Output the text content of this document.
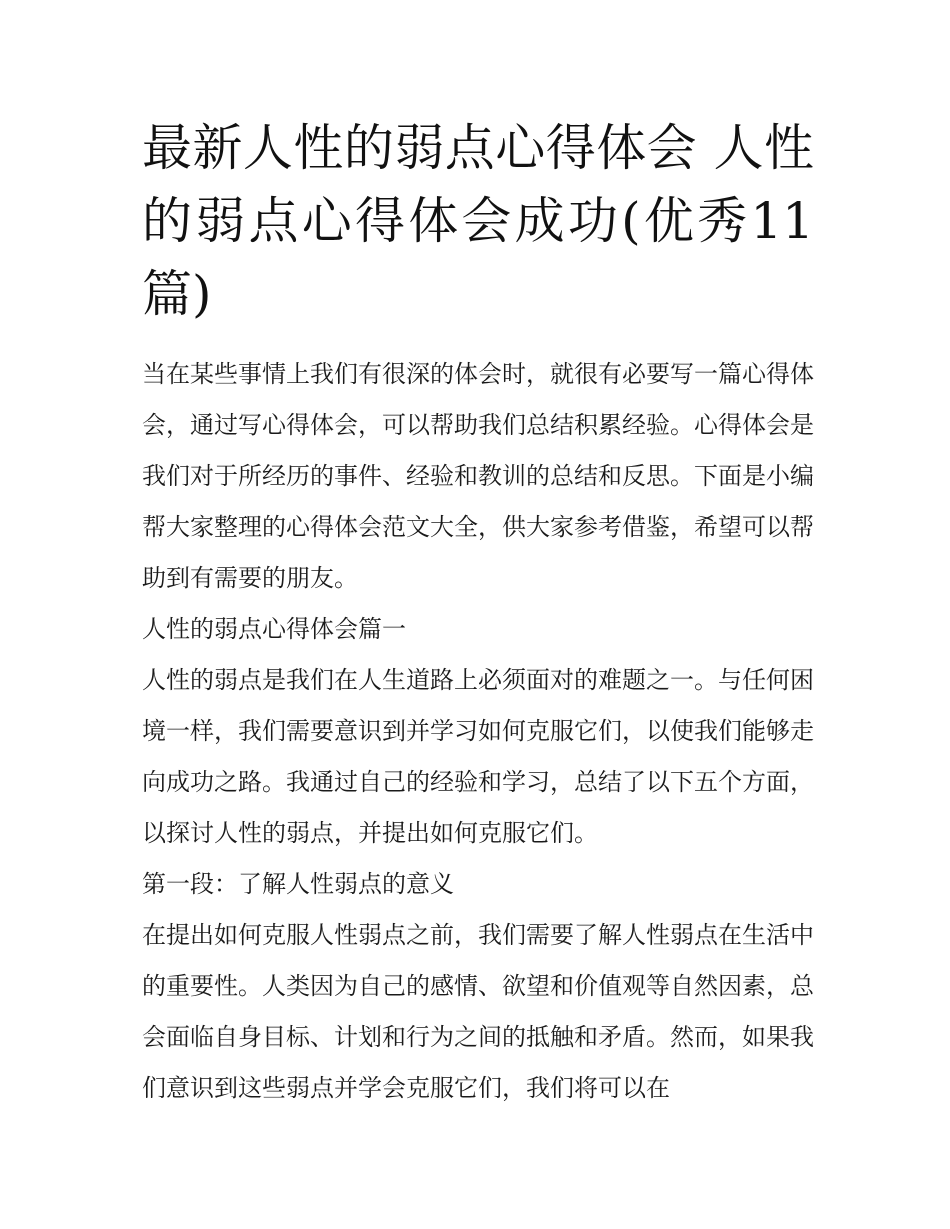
最新人性的弱点心得体会 人性的弱点心得体会成功(优秀11篇)

当在某些事情上我们有很深的体会时，就很有必要写一篇心得体会，通过写心得体会，可以帮助我们总结积累经验。心得体会是我们对于所经历的事件、经验和教训的总结和反思。下面是小编帮大家整理的心得体会范文大全，供大家参考借鉴，希望可以帮助到有需要的朋友。

人性的弱点心得体会篇一

人性的弱点是我们在人生道路上必须面对的难题之一。与任何困境一样，我们需要意识到并学习如何克服它们，以使我们能够走向成功之路。我通过自己的经验和学习，总结了以下五个方面，以探讨人性的弱点，并提出如何克服它们。

第一段：了解人性弱点的意义

在提出如何克服人性弱点之前，我们需要了解人性弱点在生活中的重要性。人类因为自己的感情、欲望和价值观等自然因素，总会面临自身目标、计划和行为之间的抵触和矛盾。然而，如果我们意识到这些弱点并学会克服它们，我们将可以在
